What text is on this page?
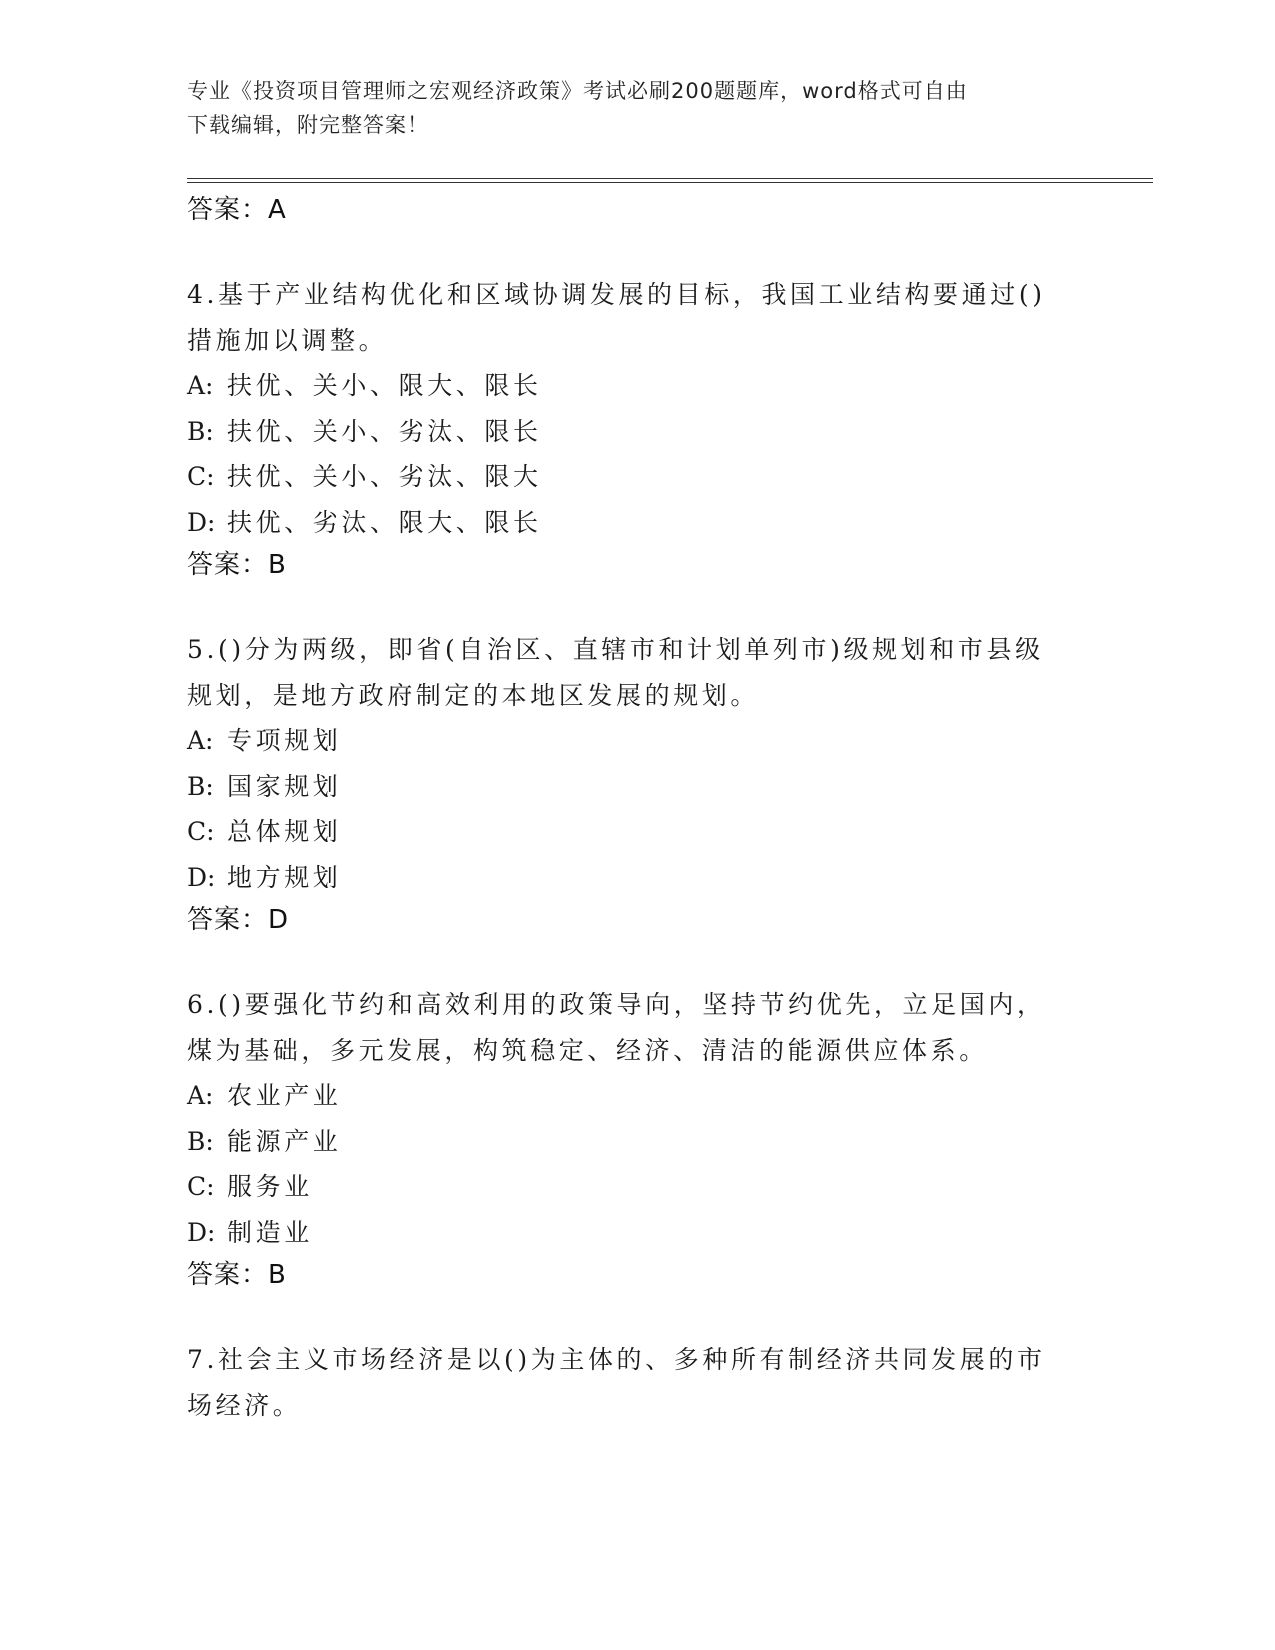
专业《投资项目管理师之宏观经济政策》考试必刷200题题库，word格式可自由
下载编辑，附完整答案！

答案：A

4.基于产业结构优化和区域协调发展的目标，我国工业结构要通过()

措施加以调整。

A: 扶优、关小、限大、限长

B: 扶优、关小、劣汰、限长

C: 扶优、关小、劣汰、限大

D: 扶优、劣汰、限大、限长

答案：B

5.()分为两级，即省(自治区、直辖市和计划单列市)级规划和市县级

规划，是地方政府制定的本地区发展的规划。

A: 专项规划

B: 国家规划

C: 总体规划

D: 地方规划

答案：D

6.()要强化节约和高效利用的政策导向，坚持节约优先，立足国内，

煤为基础，多元发展，构筑稳定、经济、清洁的能源供应体系。

A: 农业产业

B: 能源产业

C: 服务业

D: 制造业

答案：B

7.社会主义市场经济是以()为主体的、多种所有制经济共同发展的市

场经济。
